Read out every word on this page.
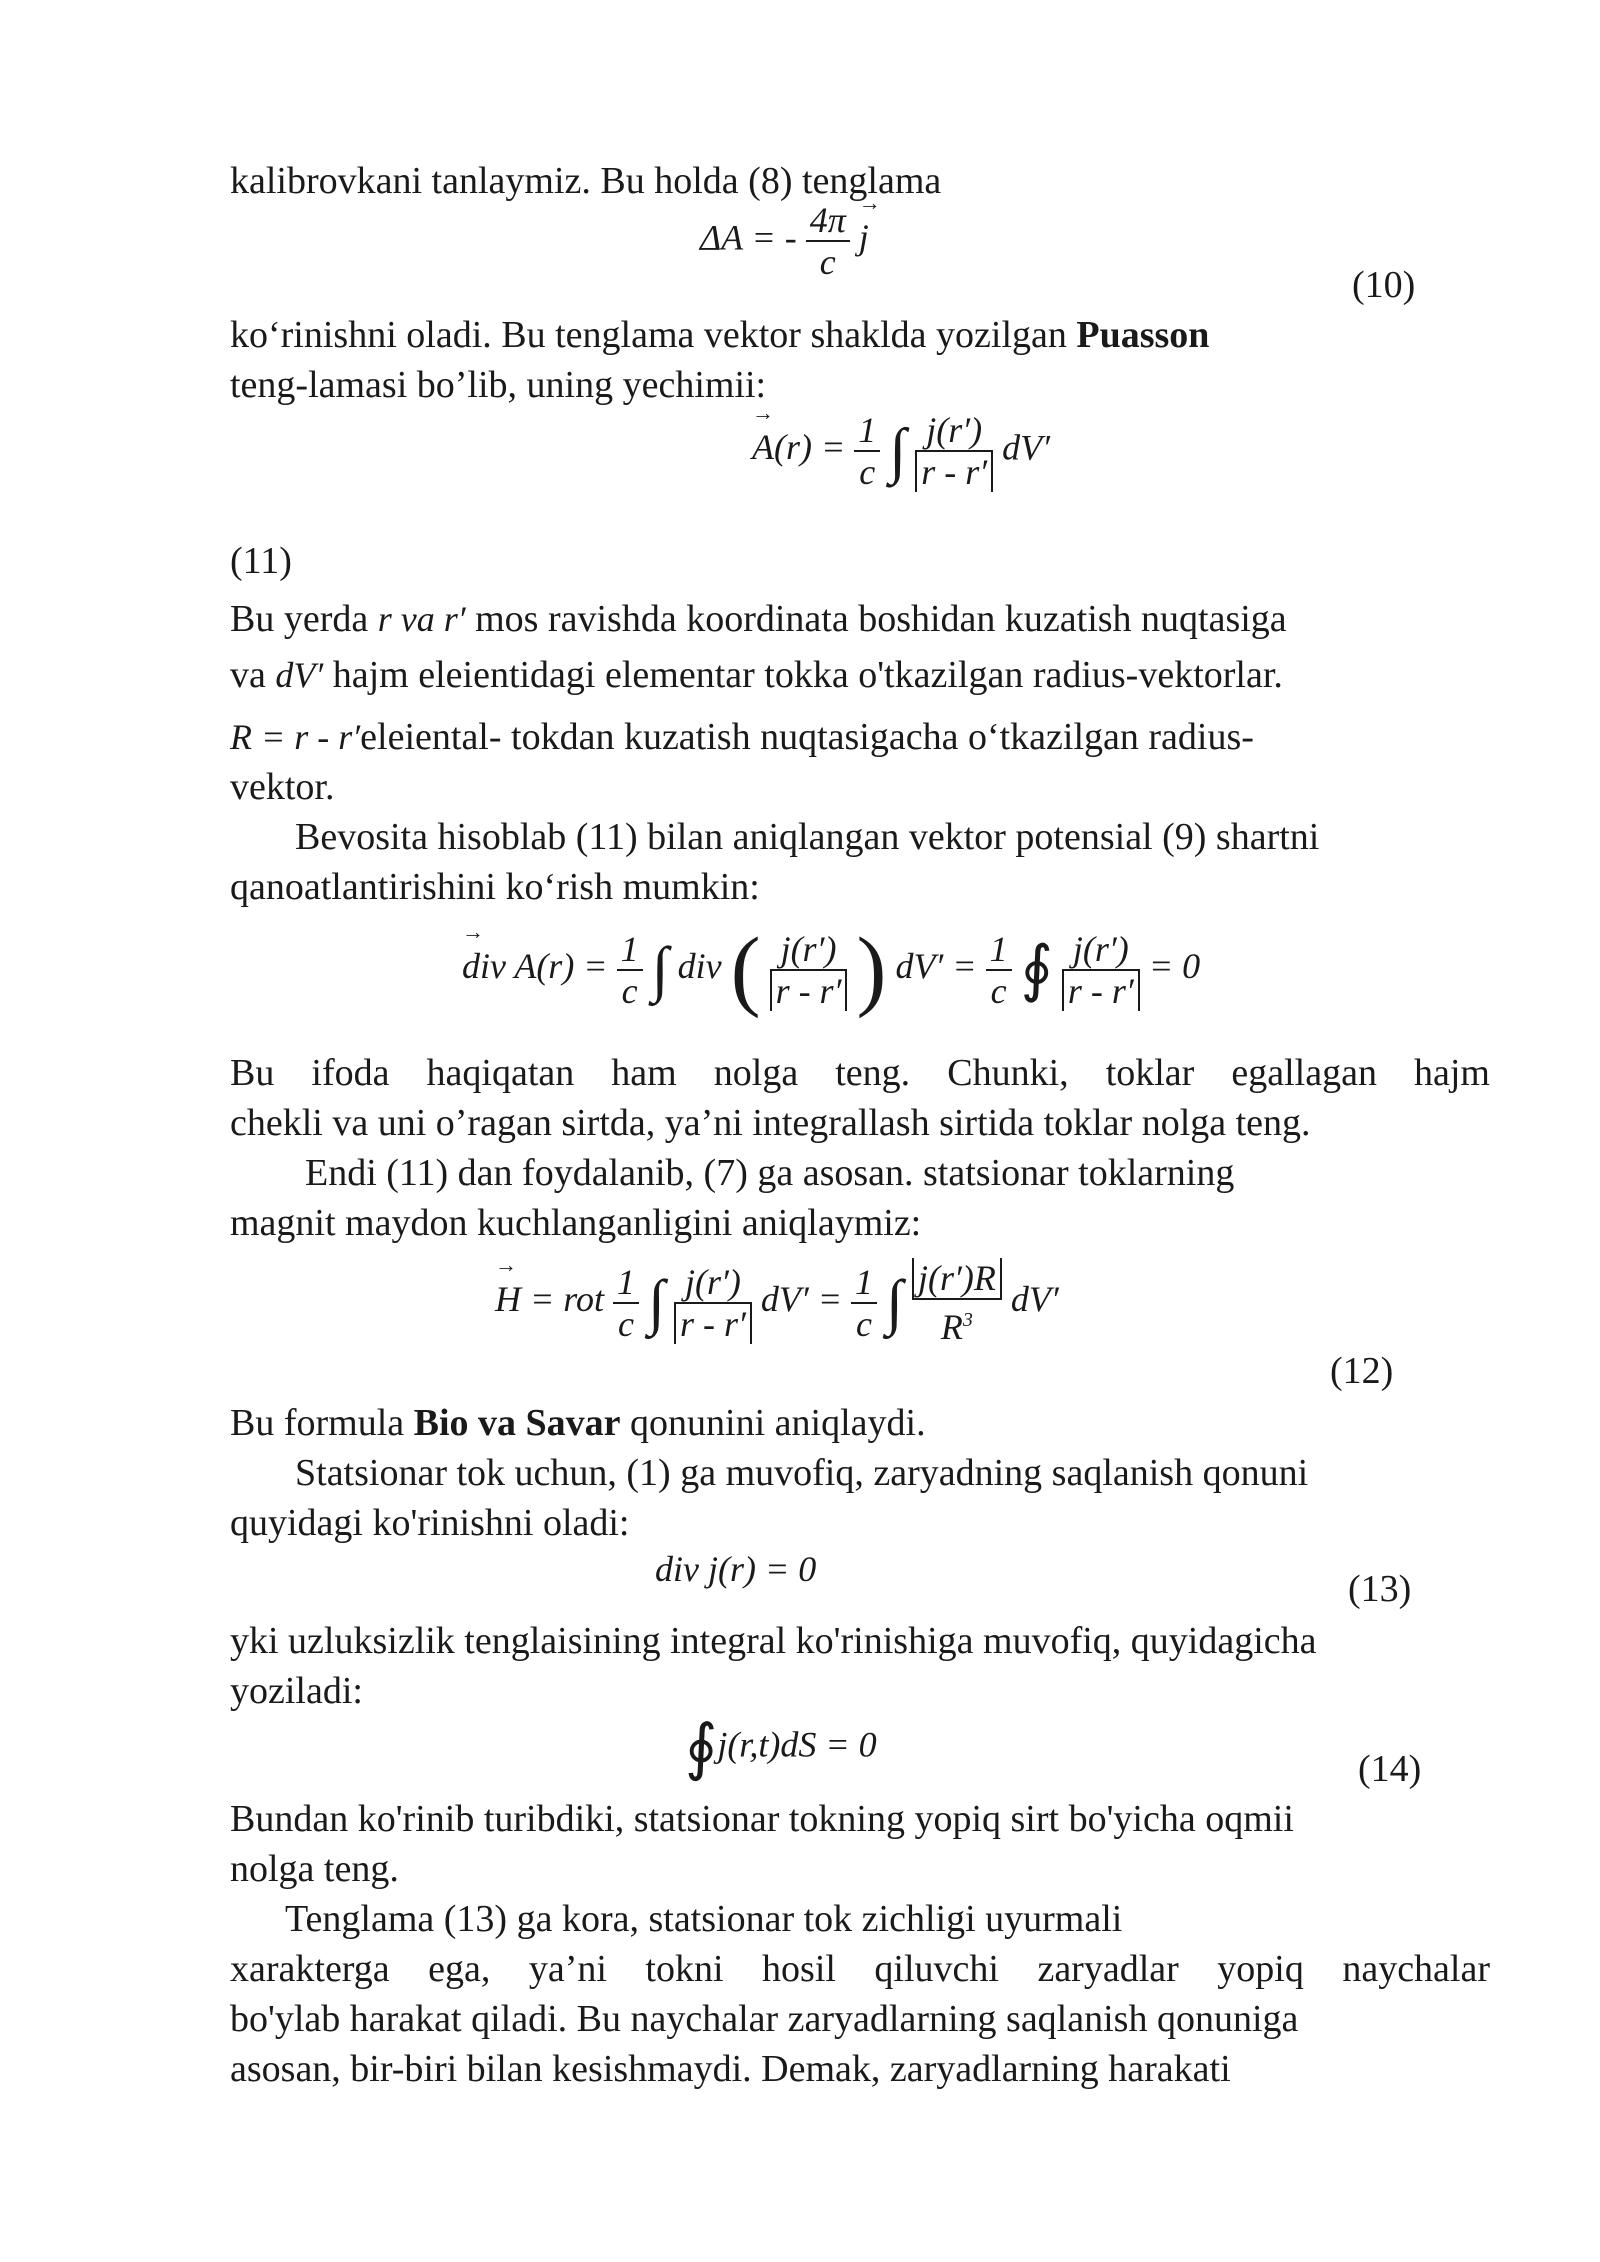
kalibrovkani tanlaymiz. Bu holda (8) tenglama
ΔA = - $\frac{4\pi}{c}$
→ j
(10)
ko‘rinishni oladi. Bu tenglama vektor shaklda yozilgan Puasson
teng-lamasi bo’lib, uning yechimii:
→ $A(r) = \frac{1}{c}$ ∫ $\frac{j(r')}{r - r'} dV'$
(11)
Bu yerda r va r′ mos ravishda koordinata boshidan kuzatish nuqtasiga
va dV′ hajm eleientidagi elementar tokka o'tkazilgan radius-vektorlar.
R = r - r′eleiental- tokdan kuzatish nuqtasigacha o‘tkazilgan radius-
vektor.
Bevosita hisoblab (11) bilan aniqlangan vektor potensial (9) shartni
qanoatlantirishini ko‘rish mumkin:
→ div $A(r) = \frac{1}{c}$ ∫ div ( $\frac{j(r')}{r - r'}$ ) $dV' = \frac{1}{c}$ ∮ $\frac{j(r')}{r - r'} = 0$
Bu ifoda haqiqatan ham nolga teng. Chunki, toklar egallagan hajm
chekli va uni o’ragan sirtda, ya’ni integrallash sirtida toklar nolga teng.
Endi (11) dan foydalanib, (7) ga asosan. statsionar toklarning
magnit maydon kuchlanganligini aniqlaymiz:
→ H = rot $\frac{1}{c}$ ∫ $\frac{j(r')}{r - r'} dV' = \frac{1}{c}$ ∫ $\frac{j(r')R}{R^3} dV'$
(12)
Bu formula Bio va Savar qonunini aniqlaydi.
Statsionar tok uchun, (1) ga muvofiq, zaryadning saqlanish qonuni
quyidagi ko'rinishni oladi:
div j(r) = 0	(13)
yki uzluksizlik tenglaisining integral ko'rinishiga muvofiq, quyidagicha
yoziladi:
∮j(r,t)dS = 0
(14)
Bundan ko'rinib turibdiki, statsionar tokning yopiq sirt bo'yicha oqmii
nolga teng.
Tenglama (13) ga kora, statsionar tok zichligi uyurmali
xarakterga ega, ya’ni tokni hosil qiluvchi zaryadlar yopiq naychalar
bo'ylab harakat qiladi. Bu naychalar zaryadlarning saqlanish qonuniga
asosan, bir-biri bilan kesishmaydi. Demak, zaryadlarning harakati
